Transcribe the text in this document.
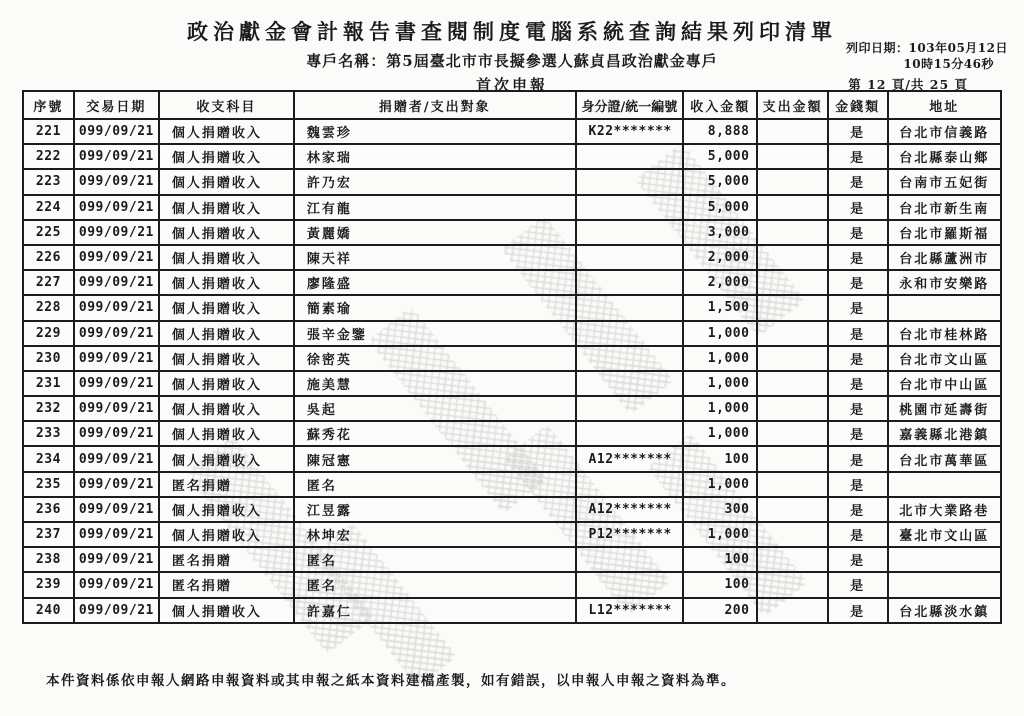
政治獻金會計報告書查閱制度電腦系統查詢結果列印清單
專戶名稱：第5屆臺北市市長擬參選人蘇貞昌政治獻金專戶
首次申報
列印日期：103年05月12日
10時15分46秒
第 12 頁/共 25 頁
序號	交易日期	收支科目	捐贈者/支出對象	身分證/統一編號	收入金額	支出金額	金錢類	地址
221	099/09/21	個人捐贈收入	魏雲珍	K22*******	8,888		是	台北市信義路
222	099/09/21	個人捐贈收入	林家瑞		5,000		是	台北縣泰山鄉
223	099/09/21	個人捐贈收入	許乃宏		5,000		是	台南市五妃街
224	099/09/21	個人捐贈收入	江有龍		5,000		是	台北市新生南
225	099/09/21	個人捐贈收入	黃麗嬌		3,000		是	台北市羅斯福
226	099/09/21	個人捐贈收入	陳天祥		2,000		是	台北縣蘆洲市
227	099/09/21	個人捐贈收入	廖隆盛		2,000		是	永和市安樂路
228	099/09/21	個人捐贈收入	簡素瑜		1,500		是	
229	099/09/21	個人捐贈收入	張辛金鑒		1,000		是	台北市桂林路
230	099/09/21	個人捐贈收入	徐密英		1,000		是	台北市文山區
231	099/09/21	個人捐贈收入	施美慧		1,000		是	台北市中山區
232	099/09/21	個人捐贈收入	吳起		1,000		是	桃園市延壽街
233	099/09/21	個人捐贈收入	蘇秀花		1,000		是	嘉義縣北港鎮
234	099/09/21	個人捐贈收入	陳冠憲	A12*******	100		是	台北市萬華區
235	099/09/21	匿名捐贈	匿名		1,000		是	
236	099/09/21	個人捐贈收入	江昱露	A12*******	300		是	北市大業路巷
237	099/09/21	個人捐贈收入	林坤宏	P12*******	1,000		是	臺北市文山區
238	099/09/21	匿名捐贈	匿名		100		是	
239	099/09/21	匿名捐贈	匿名		100		是	
240	099/09/21	個人捐贈收入	許嘉仁	L12*******	200		是	台北縣淡水鎮
本件資料係依申報人網路申報資料或其申報之紙本資料建檔產製，如有錯誤，以申報人申報之資料為準。
